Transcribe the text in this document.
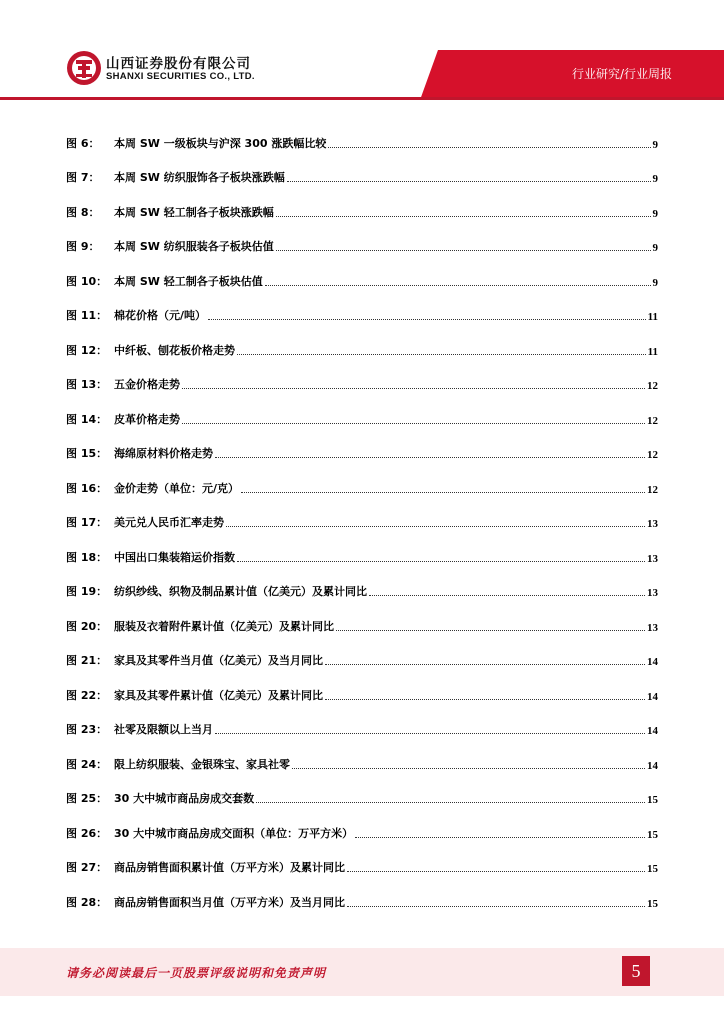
山西证券股份有限公司
SHANXI SECURITIES CO., LTD.	行业研究/行业周报
图 6：	本周 SW 一级板块与沪深 300 涨跌幅比较	9
图 7：	本周 SW 纺织服饰各子板块涨跌幅	9
图 8：	本周 SW 轻工制各子板块涨跌幅	9
图 9：	本周 SW 纺织服装各子板块估值	9
图 10： 本周 SW 轻工制各子板块估值	9
图 11： 棉花价格（元/吨）	11
图 12： 中纤板、刨花板价格走势	11
图 13： 五金价格走势	12
图 14： 皮革价格走势	12
图 15： 海绵原材料价格走势	12
图 16： 金价走势（单位：元/克）	12
图 17： 美元兑人民币汇率走势	13
图 18： 中国出口集装箱运价指数	13
图 19： 纺织纱线、织物及制品累计值（亿美元）及累计同比	13
图 20： 服装及衣着附件累计值（亿美元）及累计同比	13
图 21： 家具及其零件当月值（亿美元）及当月同比	14
图 22： 家具及其零件累计值（亿美元）及累计同比	14
图 23： 社零及限额以上当月	14
图 24： 限上纺织服装、金银珠宝、家具社零	14
图 25： 30 大中城市商品房成交套数	15
图 26： 30 大中城市商品房成交面积（单位：万平方米）	15
图 27： 商品房销售面积累计值（万平方米）及累计同比	15
图 28： 商品房销售面积当月值（万平方米）及当月同比	15
请务必阅读最后一页股票评级说明和免责声明	5
